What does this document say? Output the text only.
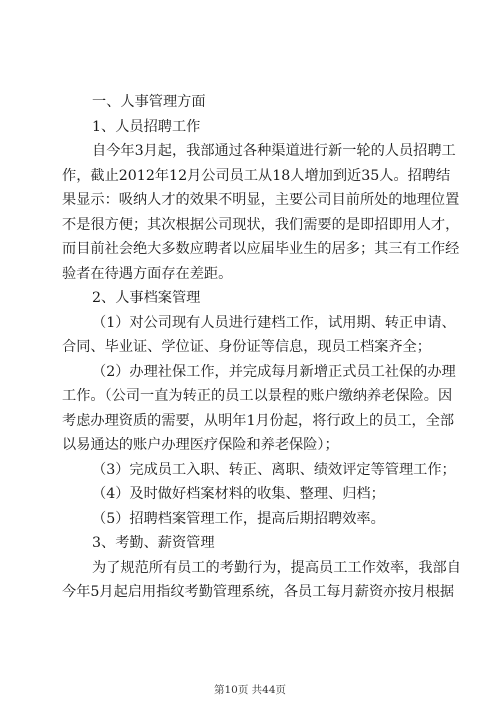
一、人事管理方面

1、人员招聘工作

自今年3月起，我部通过各种渠道进行新一轮的人员招聘工

作，截止2012年12月公司员工从18人增加到近35人。招聘结

果显示：吸纳人才的效果不明显，主要公司目前所处的地理位置

不是很方便；其次根据公司现状，我们需要的是即招即用人才，

而目前社会绝大多数应聘者以应届毕业生的居多；其三有工作经

验者在待遇方面存在差距。

2、人事档案管理

（1）对公司现有人员进行建档工作，试用期、转正申请、

合同、毕业证、学位证、身份证等信息，现员工档案齐全；

（2）办理社保工作，并完成每月新增正式员工社保的办理

工作。（公司一直为转正的员工以景程的账户缴纳养老保险。因

考虑办理资质的需要，从明年1月份起，将行政上的员工，全部

以易通达的账户办理医疗保险和养老保险）；

（3）完成员工入职、转正、离职、绩效评定等管理工作；

（4）及时做好档案材料的收集、整理、归档；

（5）招聘档案管理工作，提高后期招聘效率。

3、考勤、薪资管理

为了规范所有员工的考勤行为，提高员工工作效率，我部自

今年5月起启用指纹考勤管理系统，各员工每月薪资亦按月根据

第10页 共44页
